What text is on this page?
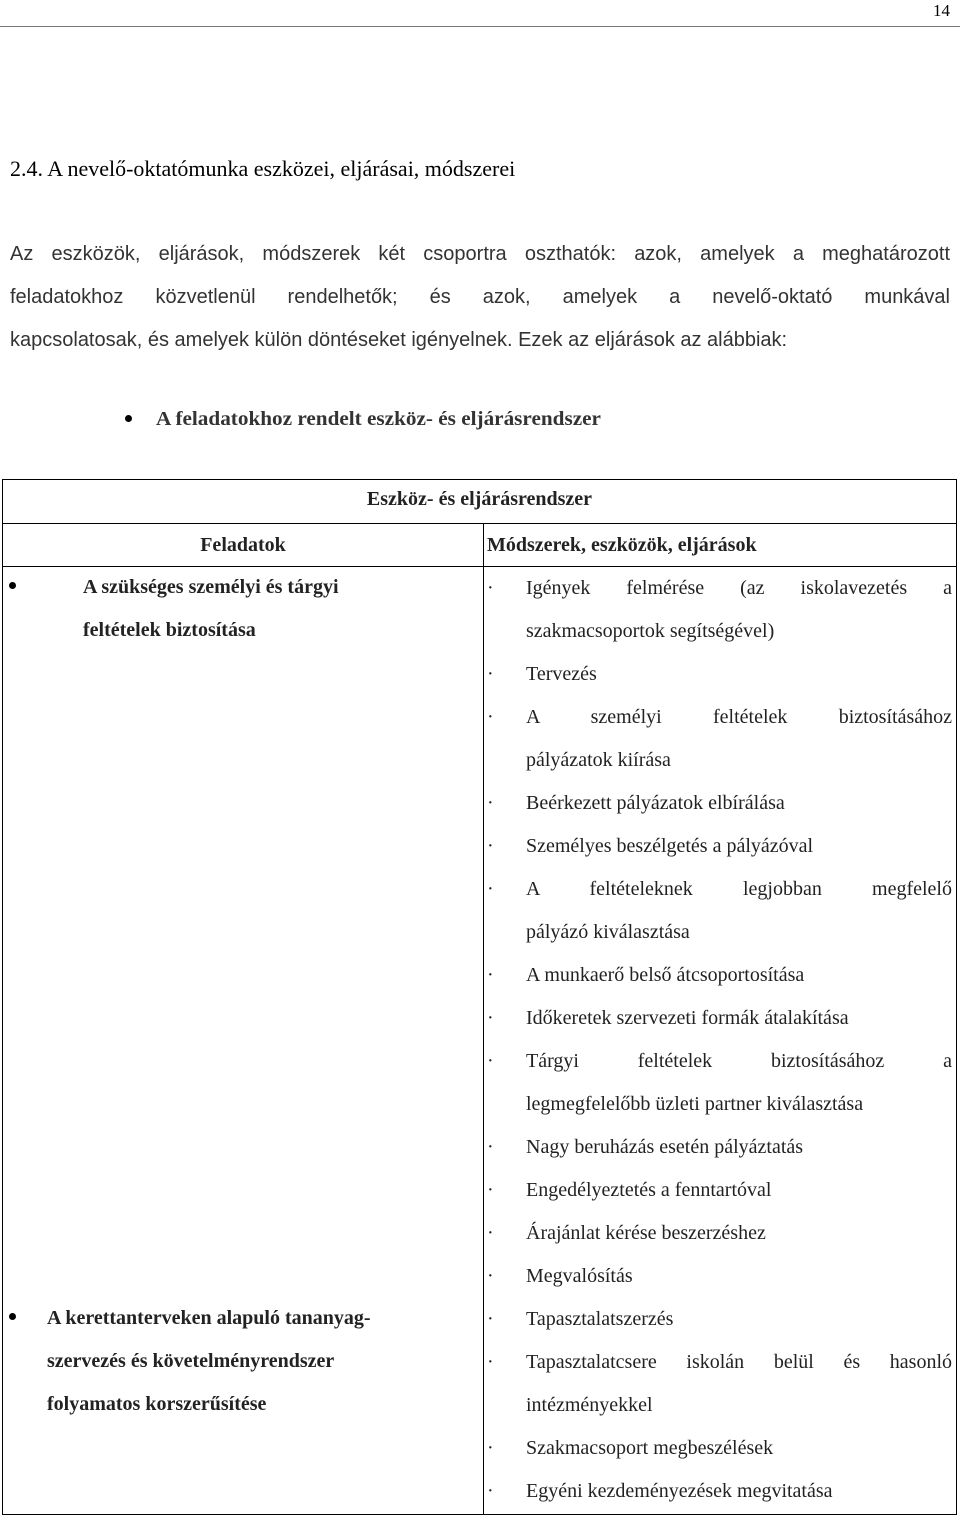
14
2.4. A nevelő-oktatómunka eszközei, eljárásai, módszerei
Az eszközök, eljárások, módszerek két csoportra oszthatók: azok, amelyek a meghatározott
feladatokhoz közvetlenül rendelhetők; és azok, amelyek a nevelő-oktató munkával
kapcsolatosak, és amelyek külön döntéseket igényelnek. Ezek az eljárások az alábbiak:
A feladatokhoz rendelt eszköz- és eljárásrendszer
Eszköz- és eljárásrendszer
Feladatok	Módszerek, eszközök, eljárások
A szükséges személyi és tárgyi
feltételek biztosítása
A kerettanterveken alapuló tananyag-
szervezés és követelményrendszer
folyamatos korszerűsítése
· Igények felmérése (az iskolavezetés a
szakmacsoportok segítségével)
· Tervezés
· A személyi feltételek biztosításához
pályázatok kiírása
· Beérkezett pályázatok elbírálása
· Személyes beszélgetés a pályázóval
· A feltételeknek legjobban megfelelő
pályázó kiválasztása
· A munkaerő belső átcsoportosítása
· Időkeretek szervezeti formák átalakítása
· Tárgyi feltételek biztosításához a
legmegfelelőbb üzleti partner kiválasztása
· Nagy beruházás esetén pályáztatás
· Engedélyeztetés a fenntartóval
· Árajánlat kérése beszerzéshez
· Megvalósítás
· Tapasztalatszerzés
· Tapasztalatcsere iskolán belül és hasonló
intézményekkel
· Szakmacsoport megbeszélések
· Egyéni kezdeményezések megvitatása
